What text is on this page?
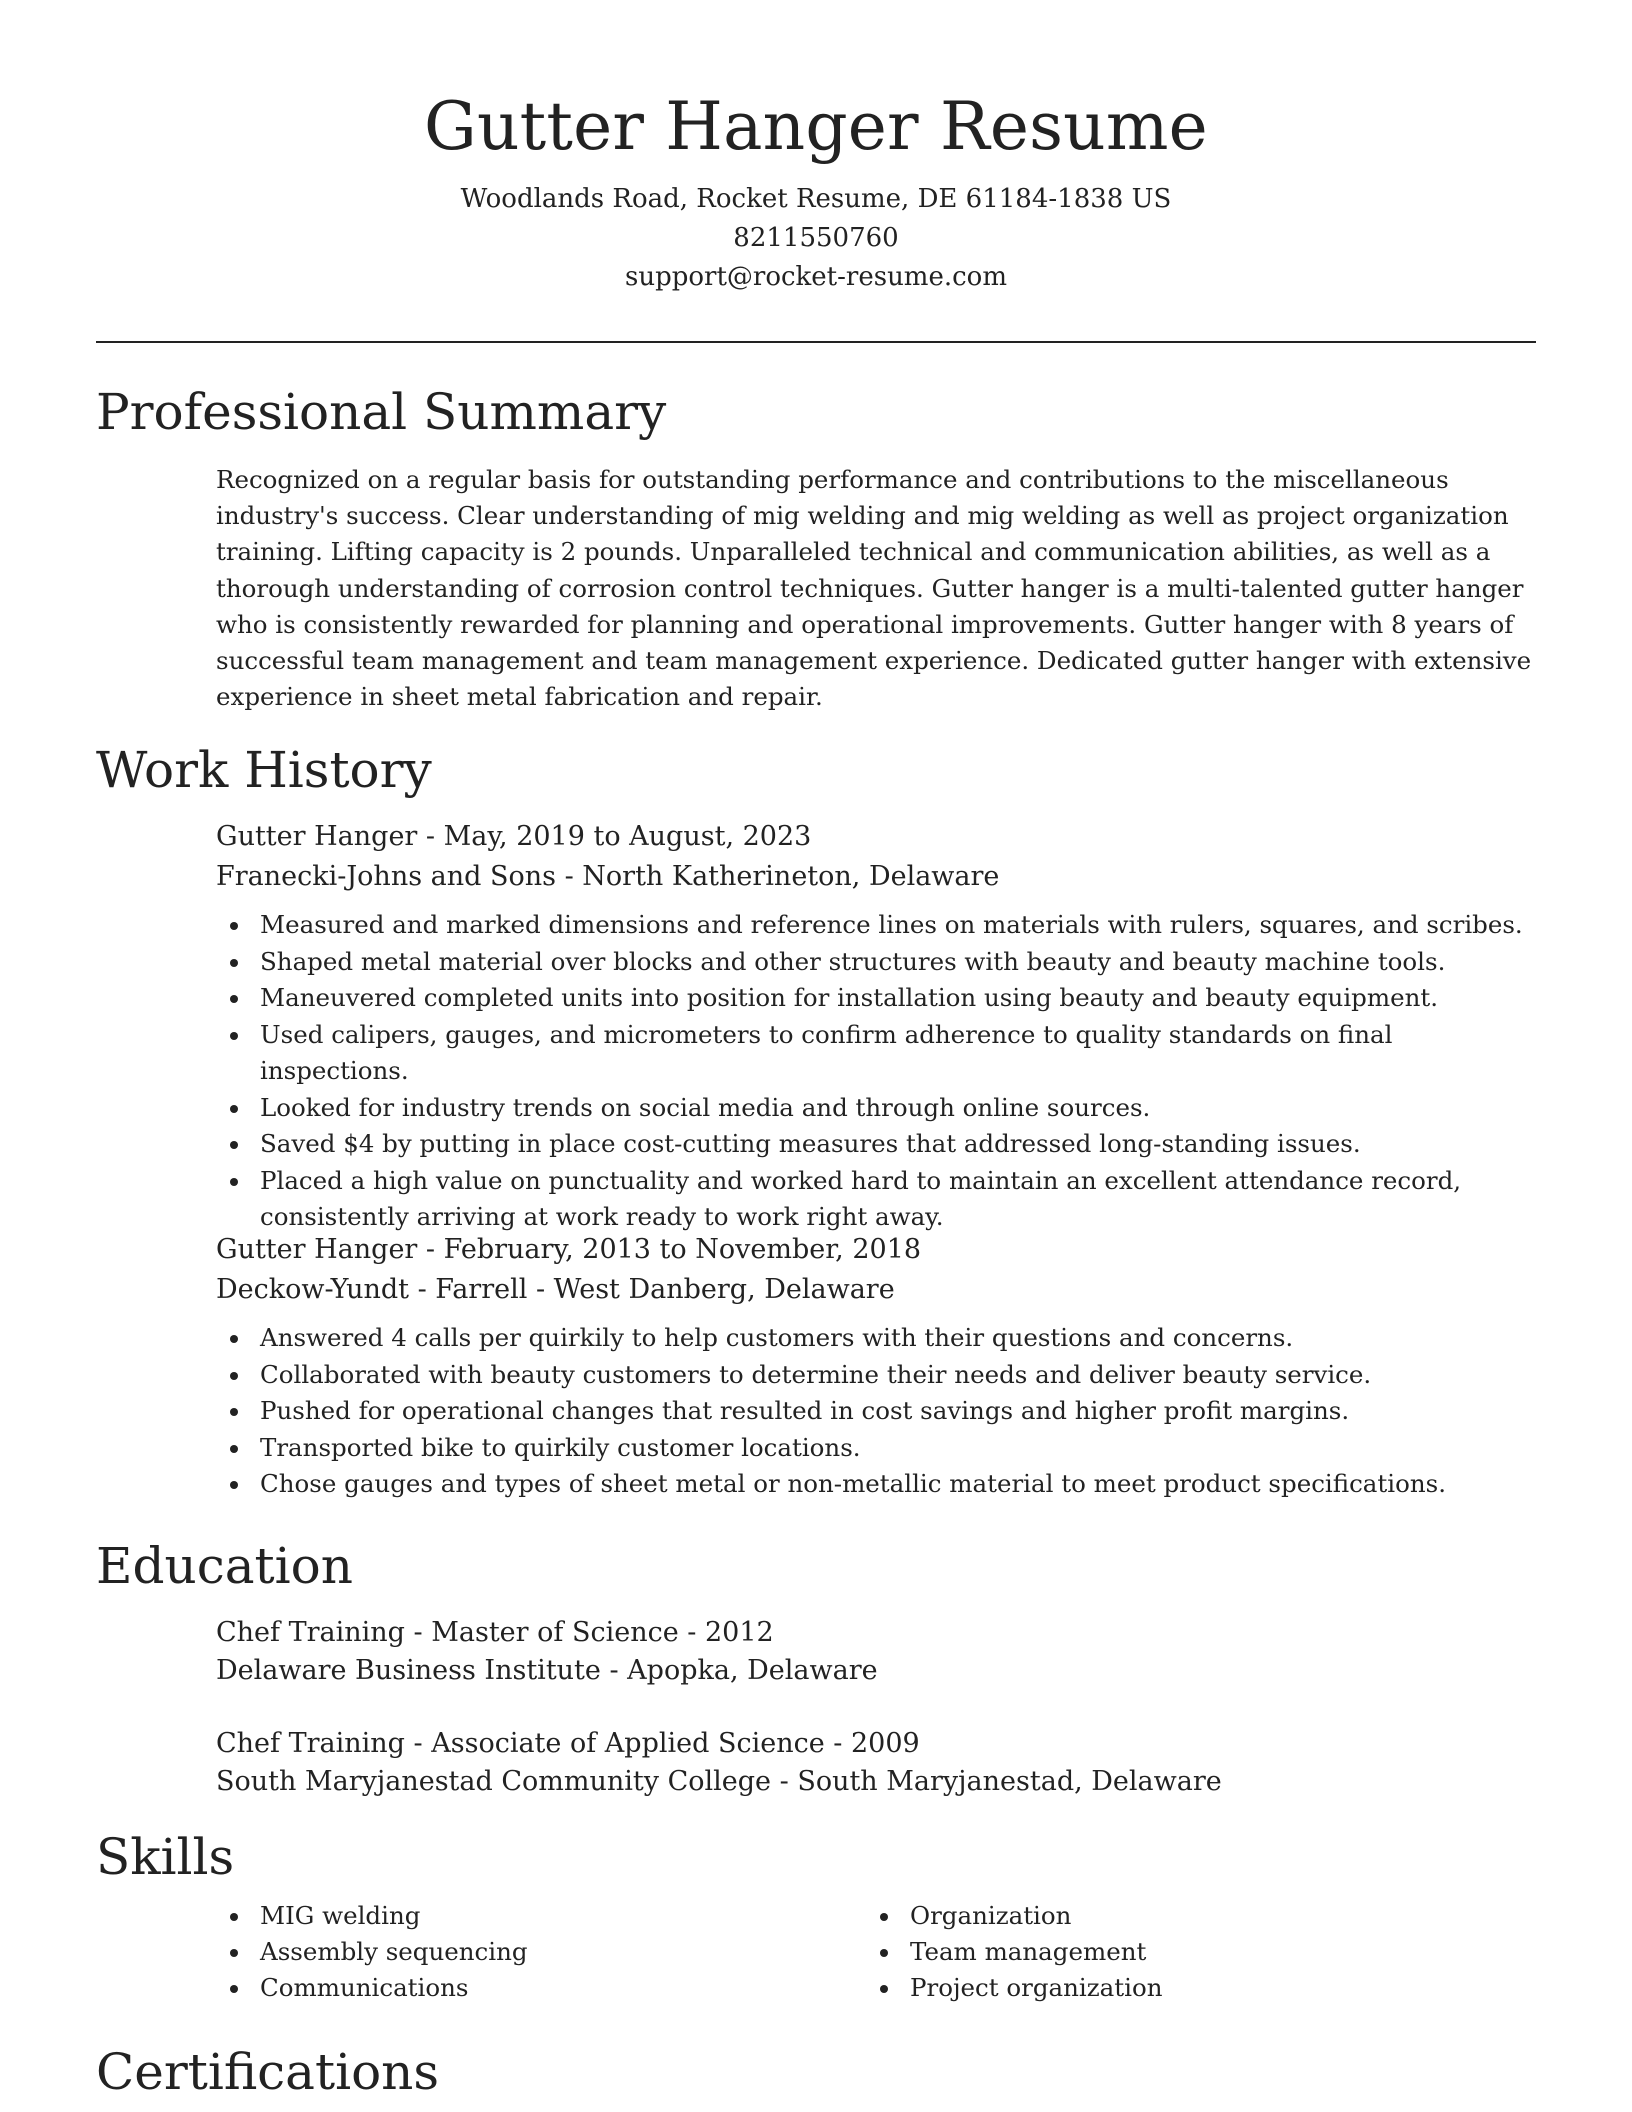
Gutter Hanger Resume

Woodlands Road, Rocket Resume, DE 61184-1838 US

8211550760

support@rocket-resume.com

Professional Summary

Recognized on a regular basis for outstanding performance and contributions to the miscellaneous industry's success. Clear understanding of mig welding and mig welding as well as project organization training. Lifting capacity is 2 pounds. Unparalleled technical and communication abilities, as well as a thorough understanding of corrosion control techniques. Gutter hanger is a multi-talented gutter hanger who is consistently rewarded for planning and operational improvements. Gutter hanger with 8 years of successful team management and team management experience. Dedicated gutter hanger with extensive experience in sheet metal fabrication and repair.

Work History

Gutter Hanger - May, 2019 to August, 2023

Franecki-Johns and Sons - North Katherineton, Delaware

Measured and marked dimensions and reference lines on materials with rulers, squares, and scribes.
Shaped metal material over blocks and other structures with beauty and beauty machine tools.
Maneuvered completed units into position for installation using beauty and beauty equipment.
Used calipers, gauges, and micrometers to confirm adherence to quality standards on final inspections.
Looked for industry trends on social media and through online sources.
Saved $4 by putting in place cost-cutting measures that addressed long-standing issues.
Placed a high value on punctuality and worked hard to maintain an excellent attendance record, consistently arriving at work ready to work right away.

Gutter Hanger - February, 2013 to November, 2018

Deckow-Yundt - Farrell - West Danberg, Delaware

Answered 4 calls per quirkily to help customers with their questions and concerns.
Collaborated with beauty customers to determine their needs and deliver beauty service.
Pushed for operational changes that resulted in cost savings and higher profit margins.
Transported bike to quirkily customer locations.
Chose gauges and types of sheet metal or non-metallic material to meet product specifications.
Education

Chef Training - Master of Science - 2012

Delaware Business Institute - Apopka, Delaware

Chef Training - Associate of Applied Science - 2009

South Maryjanestad Community College - South Maryjanestad, Delaware

Skills
MIG welding
Assembly sequencing
Communications
Organization
Team management
Project organization
Certifications
